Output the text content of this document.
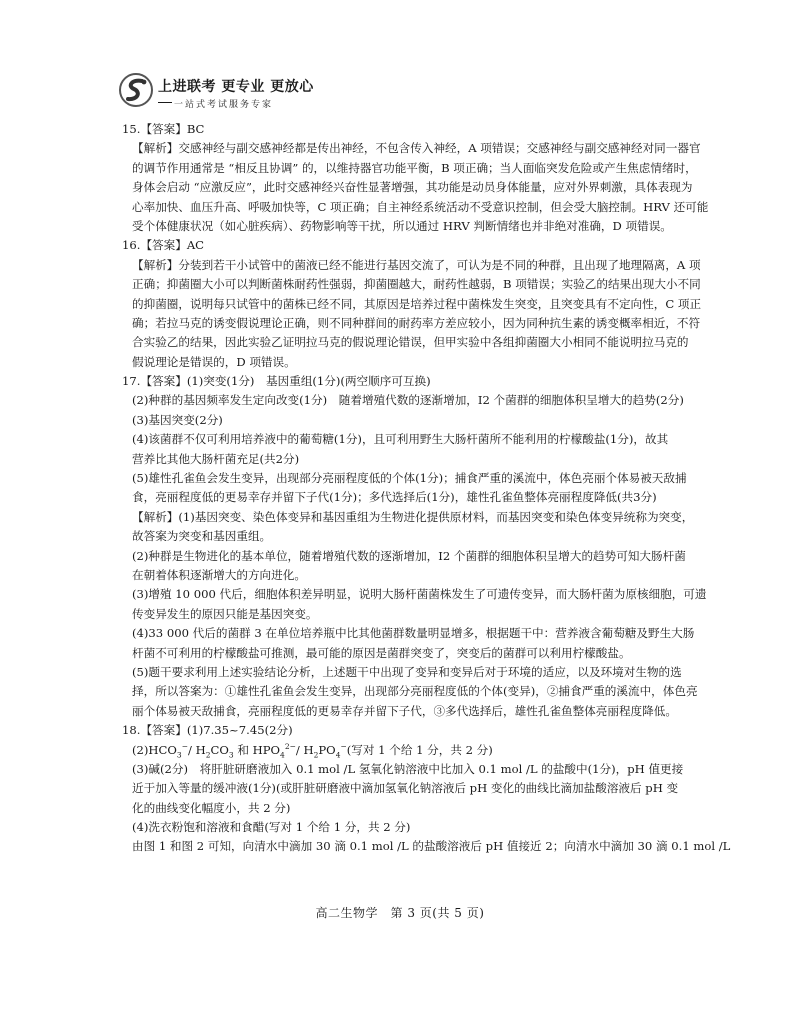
上进联考 更专业 更放心
一站式考试服务专家
15.【答案】BC
【解析】交感神经与副交感神经都是传出神经，不包含传入神经，A 项错误；交感神经与副交感神经对同一器官
的调节作用通常是 “相反且协调” 的，以维持器官功能平衡，B 项正确；当人面临突发危险或产生焦虑情绪时，
身体会启动 “应激反应”，此时交感神经兴奋性显著增强，其功能是动员身体能量，应对外界刺激，具体表现为
心率加快、血压升高、呼吸加快等，C 项正确；自主神经系统活动不受意识控制，但会受大脑控制。HRV 还可能
受个体健康状况（如心脏疾病）、药物影响等干扰，所以通过 HRV 判断情绪也并非绝对准确，D 项错误。
16.【答案】AC
【解析】分装到若干小试管中的菌液已经不能进行基因交流了，可认为是不同的种群，且出现了地理隔离，A 项
正确；抑菌圈大小可以判断菌株耐药性强弱，抑菌圈越大，耐药性越弱，B 项错误；实验乙的结果出现大小不同
的抑菌圈，说明每只试管中的菌株已经不同，其原因是培养过程中菌株发生突变，且突变具有不定向性，C 项正
确；若拉马克的诱变假说理论正确，则不同种群间的耐药率方差应较小，因为同种抗生素的诱变概率相近，不符
合实验乙的结果，因此实验乙证明拉马克的假说理论错误，但甲实验中各组抑菌圈大小相同不能说明拉马克的
假说理论是错误的，D 项错误。
17.【答案】(1)突变(1分)　基因重组(1分)(两空顺序可互换)
(2)种群的基因频率发生定向改变(1分)　随着增殖代数的逐渐增加，I2 个菌群的细胞体积呈增大的趋势(2分)
(3)基因突变(2分)
(4)该菌群不仅可利用培养液中的葡萄糖(1分)，且可利用野生大肠杆菌所不能利用的柠檬酸盐(1分)，故其
营养比其他大肠杆菌充足(共2分)
(5)雄性孔雀鱼会发生变异，出现部分亮丽程度低的个体(1分)；捕食严重的溪流中，体色亮丽个体易被天敌捕
食，亮丽程度低的更易幸存并留下子代(1分)；多代选择后(1分)，雄性孔雀鱼整体亮丽程度降低(共3分)
【解析】(1)基因突变、染色体变异和基因重组为生物进化提供原材料，而基因突变和染色体变异统称为突变，
故答案为突变和基因重组。
(2)种群是生物进化的基本单位，随着增殖代数的逐渐增加，I2 个菌群的细胞体积呈增大的趋势可知大肠杆菌
在朝着体积逐渐增大的方向进化。
(3)增殖 10 000 代后，细胞体积差异明显，说明大肠杆菌菌株发生了可遗传变异，而大肠杆菌为原核细胞，可遗
传变异发生的原因只能是基因突变。
(4)33 000 代后的菌群 3 在单位培养瓶中比其他菌群数量明显增多，根据题干中：营养液含葡萄糖及野生大肠
杆菌不可利用的柠檬酸盐可推测，最可能的原因是菌群突变了，突变后的菌群可以利用柠檬酸盐。
(5)题干要求利用上述实验结论分析，上述题干中出现了变异和变异后对于环境的适应，以及环境对生物的选
择，所以答案为：①雄性孔雀鱼会发生变异，出现部分亮丽程度低的个体(变异)，②捕食严重的溪流中，体色亮
丽个体易被天敌捕食，亮丽程度低的更易幸存并留下子代，③多代选择后，雄性孔雀鱼整体亮丽程度降低。
18.【答案】(1)7.35~7.45(2分)
$(2)HCO_3^-/$ $H_2CO_3$ 和 $HPO_4^{2-}/$ $H_2PO_4^-$(写对 1 个给 1 分，共 2 分)
(3)碱(2分)　将肝脏研磨液加入 0.1 mol /L 氢氧化钠溶液中比加入 0.1 mol /L 的盐酸中(1分)，pH 值更接
近于加入等量的缓冲液(1分)(或肝脏研磨液中滴加氢氧化钠溶液后 pH 变化的曲线比滴加盐酸溶液后 pH 变
化的曲线变化幅度小，共 2 分)
(4)洗衣粉饱和溶液和食醋(写对 1 个给 1 分，共 2 分)
由图 1 和图 2 可知，向清水中滴加 30 滴 0.1 mol /L 的盐酸溶液后 pH 值接近 2；向清水中滴加 30 滴 0.1 mol /L
高二生物学　第 3 页(共 5 页)
